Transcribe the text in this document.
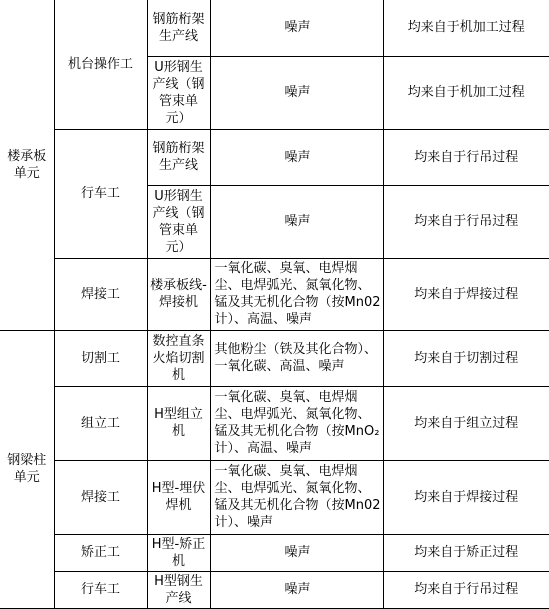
楼承板单元	机台操作工	钢筋桁架生产线	噪声	均来自于机加工过程
		U形钢生产线（钢管束单元）	噪声	均来自于机加工过程
	行车工	钢筋桁架生产线	噪声	均来自于行吊过程
		U形钢生产线（钢管束单元）	噪声	均来自于行吊过程
	焊接工	楼承板线-焊接机	一氧化碳、臭氧、电焊烟尘、电焊弧光、氮氧化物、锰及其无机化合物（按Mn02计）、高温、噪声	均来自于焊接过程
钢梁柱单元	切割工	数控直条火焰切割机	其他粉尘（铁及其化合物）、一氧化碳、高温、噪声	均来自于切割过程
	组立工	H型组立机	一氧化碳、臭氧、电焊烟尘、电焊弧光、氮氧化物、锰及其无机化合物（按MnO₂计）、高温、噪声	均来自于组立过程
	焊接工	H型-埋伏焊机	一氧化碳、臭氧、电焊烟尘、电焊弧光、氮氧化物、锰及其无机化合物（按Mn02计）、噪声	均来自于焊接过程
	矫正工	H型-矫正机	噪声	均来自于矫正过程
	行车工	H型钢生产线	噪声	均来自于行吊过程
